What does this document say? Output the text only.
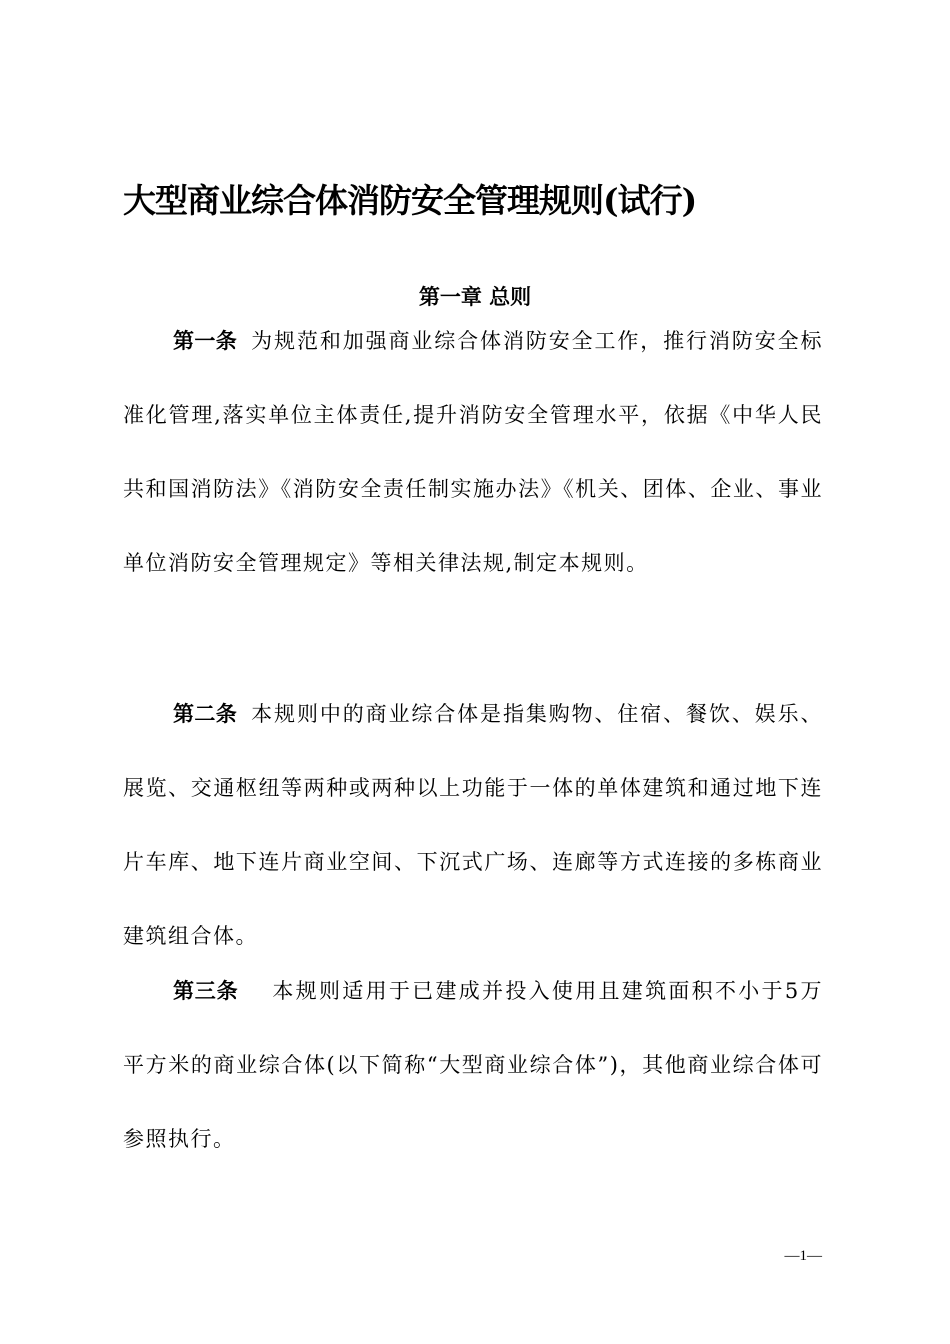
大型商业综合体消防安全管理规则(试行)
第一章 总则

第一条 为规范和加强商业综合体消防安全工作，推行消防安全标准化管理,落实单位主体责任,提升消防安全管理水平，依据《中华人民共和国消防法》《消防安全责任制实施办法》《机关、团体、企业、事业单位消防安全管理规定》等相关律法规,制定本规则。

第二条 本规则中的商业综合体是指集购物、住宿、餐饮、娱乐、展览、交通枢纽等两种或两种以上功能于一体的单体建筑和通过地下连片车库、地下连片商业空间、下沉式广场、连廊等方式连接的多栋商业建筑组合体。

第三条 本规则适用于已建成并投入使用且建筑面积不小于5万平方米的商业综合体(以下简称“大型商业综合体”)，其他商业综合体可参照执行。

—1—
